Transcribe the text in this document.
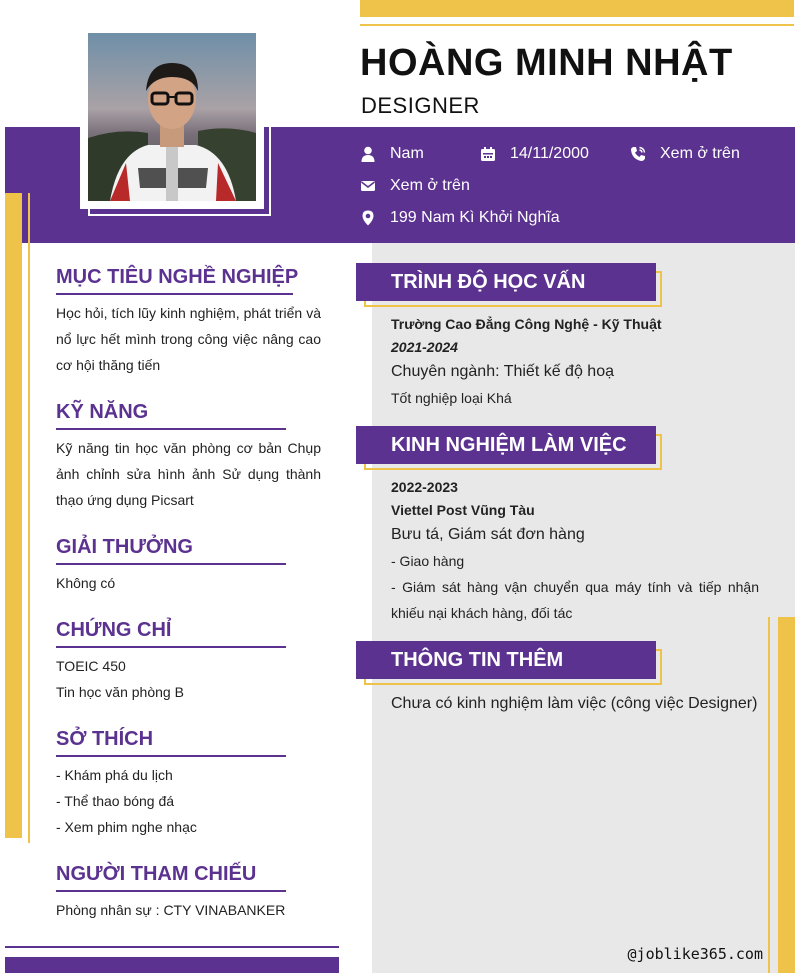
HOÀNG MINH NHẬT
DESIGNER
Nam	14/11/2000	Xem ở trên
Xem ở trên
199 Nam Kì Khởi Nghĩa
MỤC TIÊU NGHỀ NGHIỆP
Học hỏi, tích lũy kinh nghiệm, phát triển và nổ lực hết mình trong công việc nâng cao cơ hội thăng tiến
KỸ NĂNG
Kỹ năng tin học văn phòng cơ bản Chụp ảnh chỉnh sửa hình ảnh Sử dụng thành thạo ứng dụng Picsart
GIẢI THƯỞNG
Không có
CHỨNG CHỈ
TOEIC 450
Tin học văn phòng B
SỞ THÍCH
- Khám phá du lịch
- Thể thao bóng đá
- Xem phim nghe nhạc
NGƯỜI THAM CHIẾU
Phòng nhân sự : CTY VINABANKER
TRÌNH ĐỘ HỌC VẤN
Trường Cao Đẳng Công Nghệ - Kỹ Thuật
2021-2024
Chuyên ngành: Thiết kế độ hoạ
Tốt nghiệp loại Khá
KINH NGHIỆM LÀM VIỆC
2022-2023
Viettel Post Vũng Tàu
Bưu tá, Giám sát đơn hàng
- Giao hàng
- Giám sát hàng vận chuyển qua máy tính và tiếp nhận khiếu nại khách hàng, đối tác
THÔNG TIN THÊM
Chưa có kinh nghiệm làm việc (công việc Designer)
@joblike365.com
